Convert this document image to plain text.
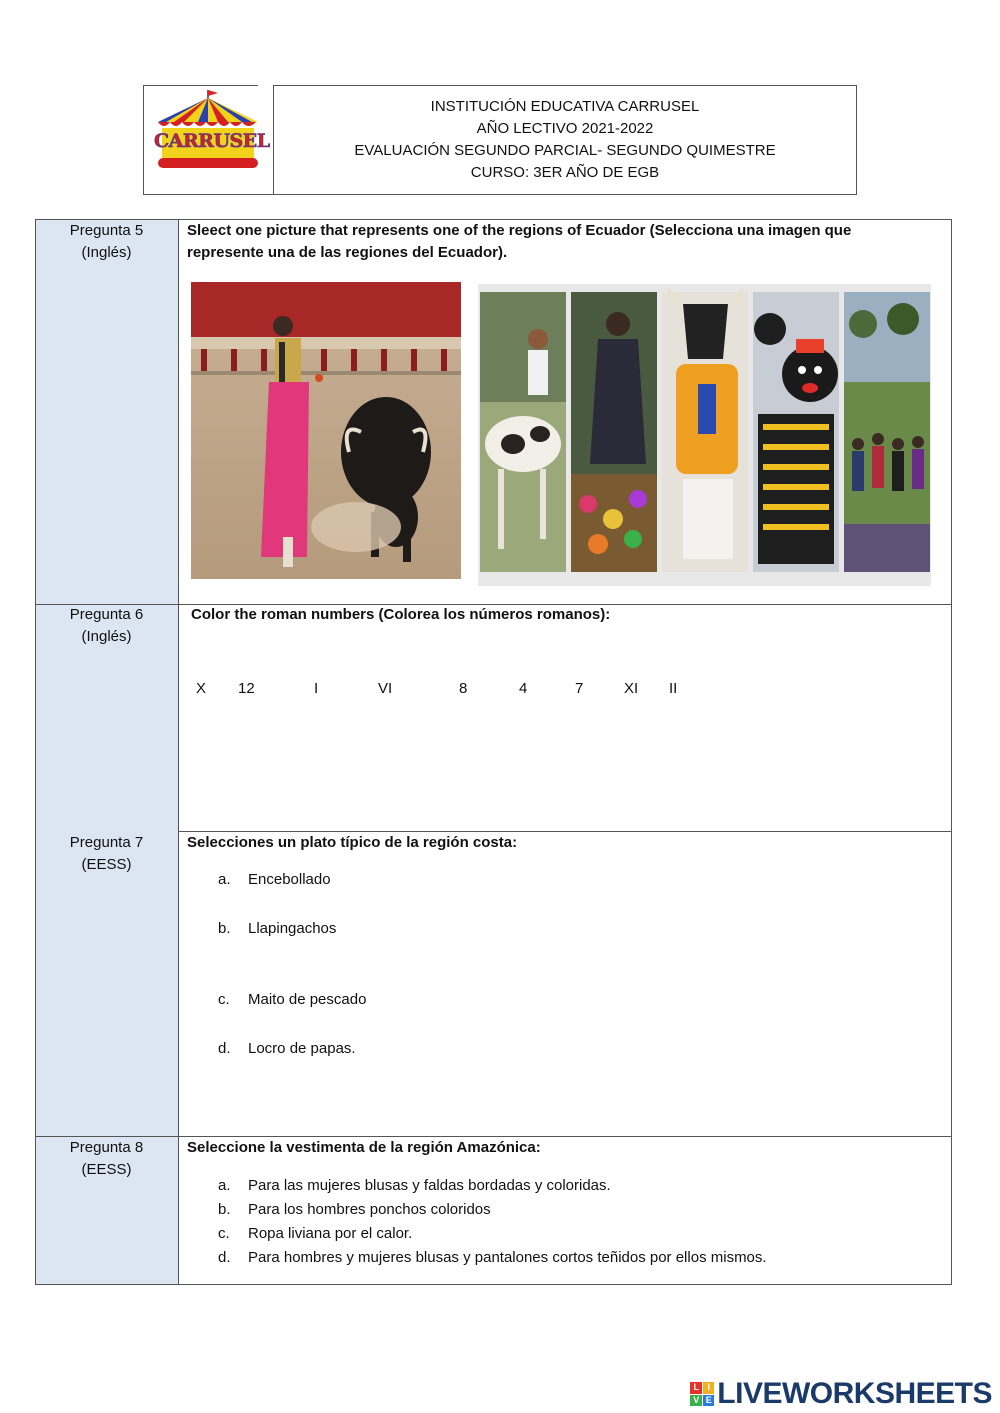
CARRUSEL
INSTITUCIÓN EDUCATIVA CARRUSEL
AÑO LECTIVO 2021-2022
EVALUACIÓN SEGUNDO PARCIAL- SEGUNDO QUIMESTRE
CURSO: 3ER AÑO DE EGB
Pregunta 5
(Inglés)
Sleect one picture that represents one of the regions of Ecuador (Selecciona una imagen que
represente una de las regiones del Ecuador).
Pregunta 6
(Inglés)
Color the roman numbers (Colorea los números romanos):
X 12	I	VI	8	4	7	XI II
Pregunta 7
(EESS)
Selecciones un plato típico de la región costa:
a. Encebollado
b. Llapingachos
c. Maito de pescado
d. Locro de papas.
Pregunta 8
(EESS)
Seleccione la vestimenta de la región Amazónica:
a. Para las mujeres blusas y faldas bordadas y coloridas.
b. Para los hombres ponchos coloridos
c. Ropa liviana por el calor.
d. Para hombres y mujeres blusas y pantalones cortos teñidos por ellos mismos.
L I
V E LIVEWORKSHEETS
